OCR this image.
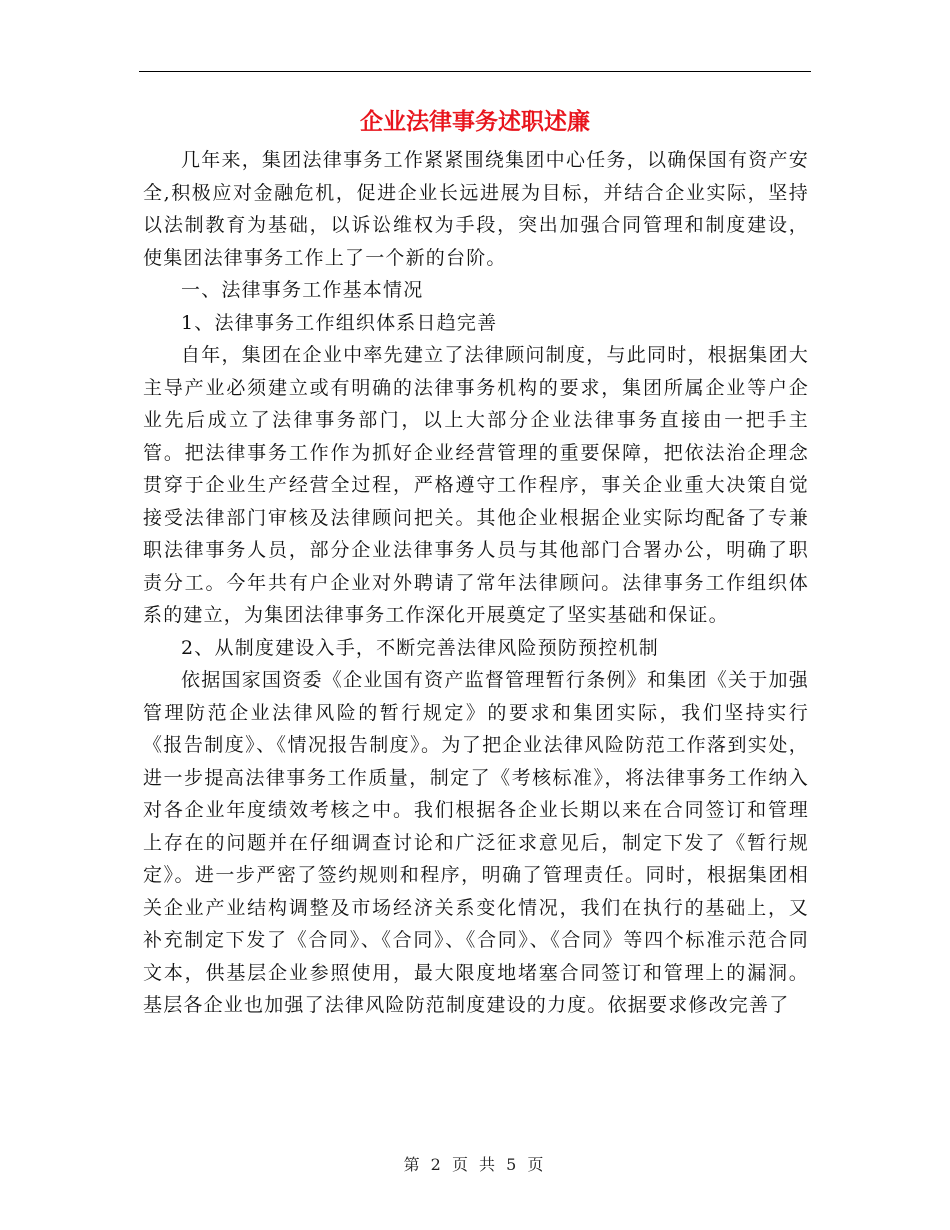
企业法律事务述职述廉

几年来，集团法律事务工作紧紧围绕集团中心任务，以确保国有资产安全,积极应对金融危机，促进企业长远进展为目标，并结合企业实际，坚持以法制教育为基础，以诉讼维权为手段，突出加强合同管理和制度建设，使集团法律事务工作上了一个新的台阶。

一、法律事务工作基本情况

1、法律事务工作组织体系日趋完善

自年，集团在企业中率先建立了法律顾问制度，与此同时，根据集团大主导产业必须建立或有明确的法律事务机构的要求，集团所属企业等户企业先后成立了法律事务部门，以上大部分企业法律事务直接由一把手主管。把法律事务工作作为抓好企业经营管理的重要保障，把依法治企理念贯穿于企业生产经营全过程，严格遵守工作程序，事关企业重大决策自觉接受法律部门审核及法律顾问把关。其他企业根据企业实际均配备了专兼职法律事务人员，部分企业法律事务人员与其他部门合署办公，明确了职责分工。今年共有户企业对外聘请了常年法律顾问。法律事务工作组织体系的建立，为集团法律事务工作深化开展奠定了坚实基础和保证。

2、从制度建设入手，不断完善法律风险预防预控机制

依据国家国资委《企业国有资产监督管理暂行条例》和集团《关于加强管理防范企业法律风险的暂行规定》的要求和集团实际，我们坚持实行《报告制度》、《情况报告制度》。为了把企业法律风险防范工作落到实处，进一步提高法律事务工作质量，制定了《考核标准》，将法律事务工作纳入对各企业年度绩效考核之中。我们根据各企业长期以来在合同签订和管理上存在的问题并在仔细调查讨论和广泛征求意见后，制定下发了《暂行规定》。进一步严密了签约规则和程序，明确了管理责任。同时，根据集团相关企业产业结构调整及市场经济关系变化情况，我们在执行的基础上，又补充制定下发了《合同》、《合同》、《合同》、《合同》等四个标准示范合同文本，供基层企业参照使用，最大限度地堵塞合同签订和管理上的漏洞。基层各企业也加强了法律风险防范制度建设的力度。依据要求修改完善了

第 2 页 共 5 页
